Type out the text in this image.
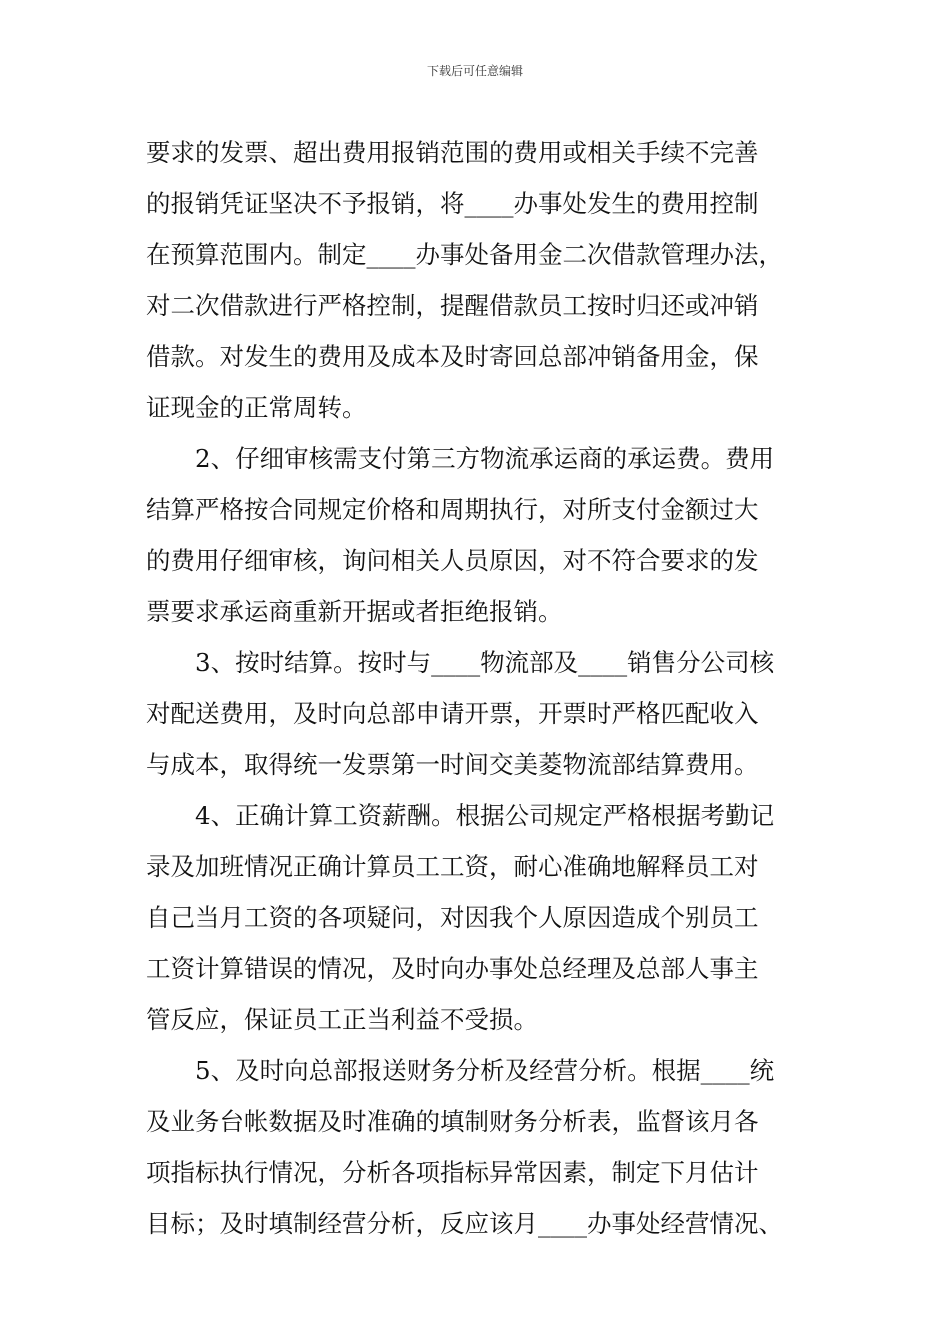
下载后可任意编辑
要求的发票、超出费用报销范围的费用或相关手续不完善
的报销凭证坚决不予报销，将____办事处发生的费用控制
在预算范围内。制定____办事处备用金二次借款管理办法，
对二次借款进行严格控制，提醒借款员工按时归还或冲销
借款。对发生的费用及成本及时寄回总部冲销备用金，保
证现金的正常周转。
2、仔细审核需支付第三方物流承运商的承运费。费用
结算严格按合同规定价格和周期执行，对所支付金额过大
的费用仔细审核，询问相关人员原因，对不符合要求的发
票要求承运商重新开据或者拒绝报销。
3、按时结算。按时与____物流部及____销售分公司核
对配送费用，及时向总部申请开票，开票时严格匹配收入
与成本，取得统一发票第一时间交美菱物流部结算费用。
4、正确计算工资薪酬。根据公司规定严格根据考勤记
录及加班情况正确计算员工工资，耐心准确地解释员工对
自己当月工资的各项疑问，对因我个人原因造成个别员工
工资计算错误的情况，及时向办事处总经理及总部人事主
管反应，保证员工正当利益不受损。
5、及时向总部报送财务分析及经营分析。根据____统
及业务台帐数据及时准确的填制财务分析表，监督该月各
项指标执行情况，分析各项指标异常因素，制定下月估计
目标；及时填制经营分析，反应该月____办事处经营情况、
